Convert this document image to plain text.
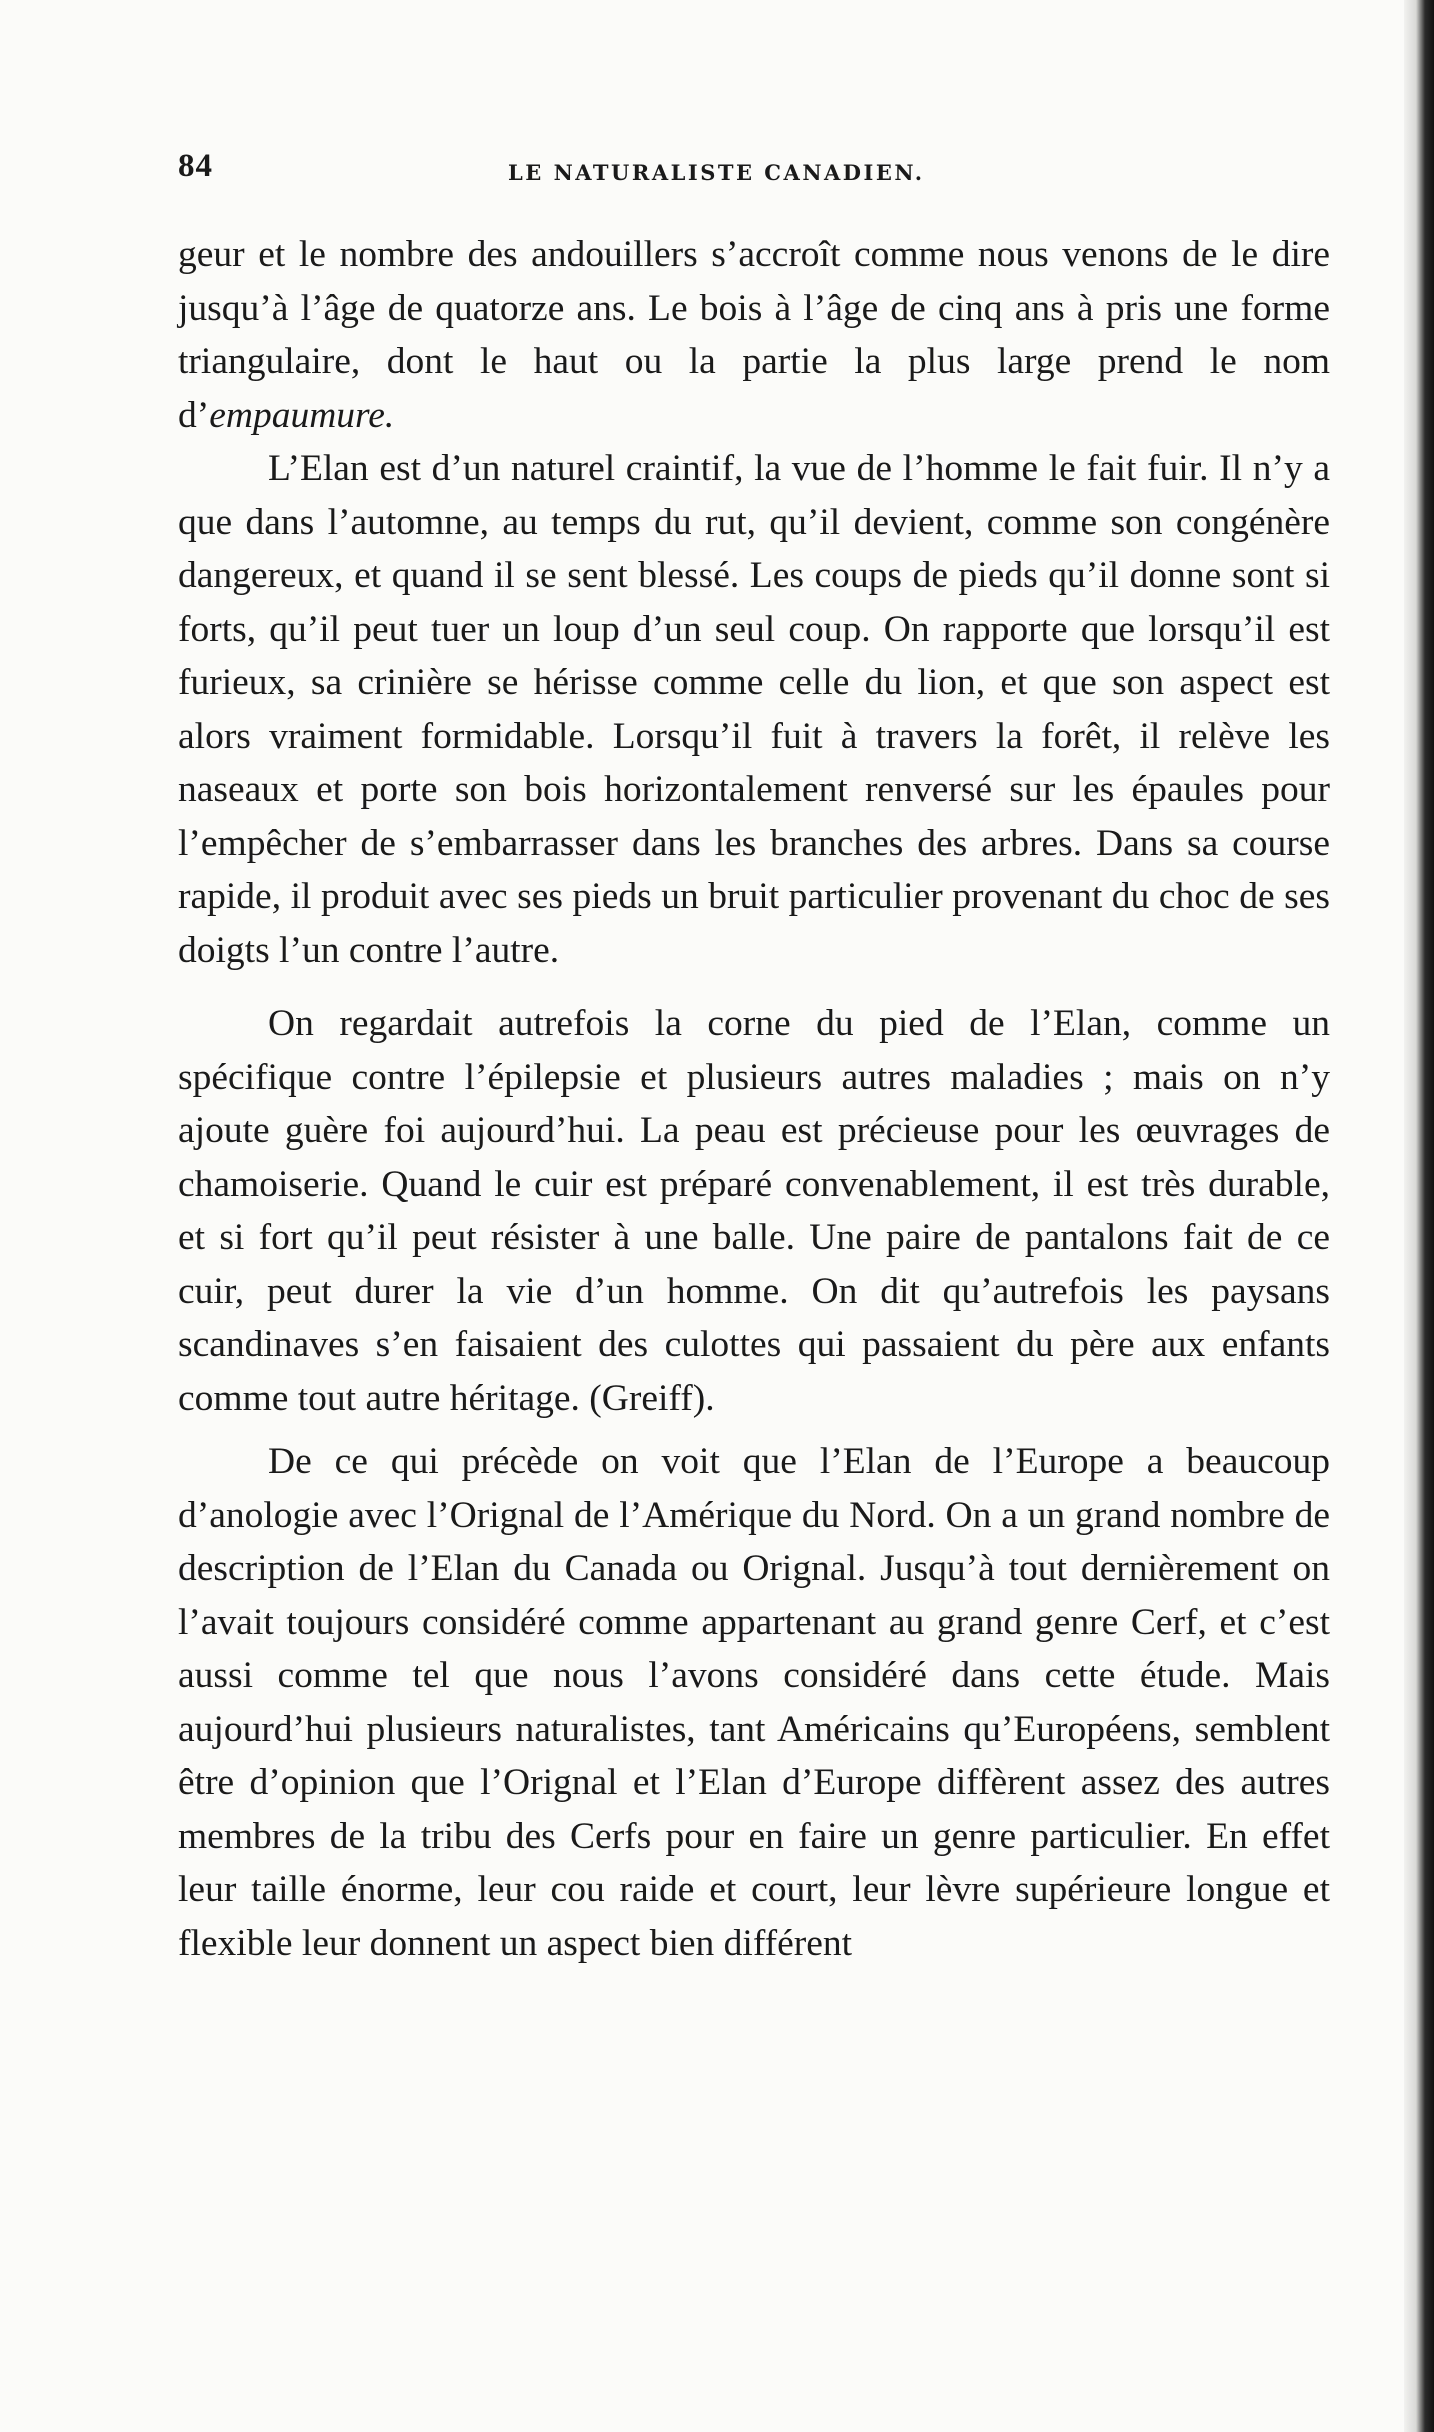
84	LE NATURALISTE CANADIEN.

geur et le nombre des andouillers s’accroît comme nous venons de le dire jusqu’à l’âge de quatorze ans. Le bois à l’âge de cinq ans à pris une forme triangulaire, dont le haut ou la partie la plus large prend le nom d’empaumure.

L’Elan est d’un naturel craintif, la vue de l’homme le fait fuir. Il n’y a que dans l’automne, au temps du rut, qu’il devient, comme son congénère dangereux, et quand il se sent blessé. Les coups de pieds qu’il donne sont si forts, qu’il peut tuer un loup d’un seul coup. On rapporte que lorsqu’il est furieux, sa crinière se hérisse comme celle du lion, et que son aspect est alors vraiment formidable. Lorsqu’il fuit à travers la forêt, il relève les naseaux et porte son bois horizontalement renversé sur les épaules pour l’empêcher de s’embarrasser dans les branches des arbres. Dans sa course rapide, il produit avec ses pieds un bruit particulier provenant du choc de ses doigts l’un contre l’autre.

On regardait autrefois la corne du pied de l’Elan, comme un spécifique contre l’épilepsie et plusieurs autres maladies ; mais on n’y ajoute guère foi aujourd’hui. La peau est précieuse pour les œuvrages de chamoiserie. Quand le cuir est préparé convenablement, il est très durable, et si fort qu’il peut résister à une balle. Une paire de pantalons fait de ce cuir, peut durer la vie d’un homme. On dit qu’autrefois les paysans scandinaves s’en faisaient des culottes qui passaient du père aux enfants comme tout autre héritage. (Greiff).

De ce qui précède on voit que l’Elan de l’Europe a beaucoup d’anologie avec l’Orignal de l’Amérique du Nord. On a un grand nombre de description de l’Elan du Canada ou Orignal. Jusqu’à tout dernièrement on l’avait toujours considéré comme appartenant au grand genre Cerf, et c’est aussi comme tel que nous l’avons considéré dans cette étude. Mais aujourd’hui plusieurs naturalistes, tant Américains qu’Européens, semblent être d’opinion que l’Orignal et l’Elan d’Europe diffèrent assez des autres membres de la tribu des Cerfs pour en faire un genre particulier. En effet leur taille énorme, leur cou raide et court, leur lèvre supérieure longue et flexible leur donnent un aspect bien différent
